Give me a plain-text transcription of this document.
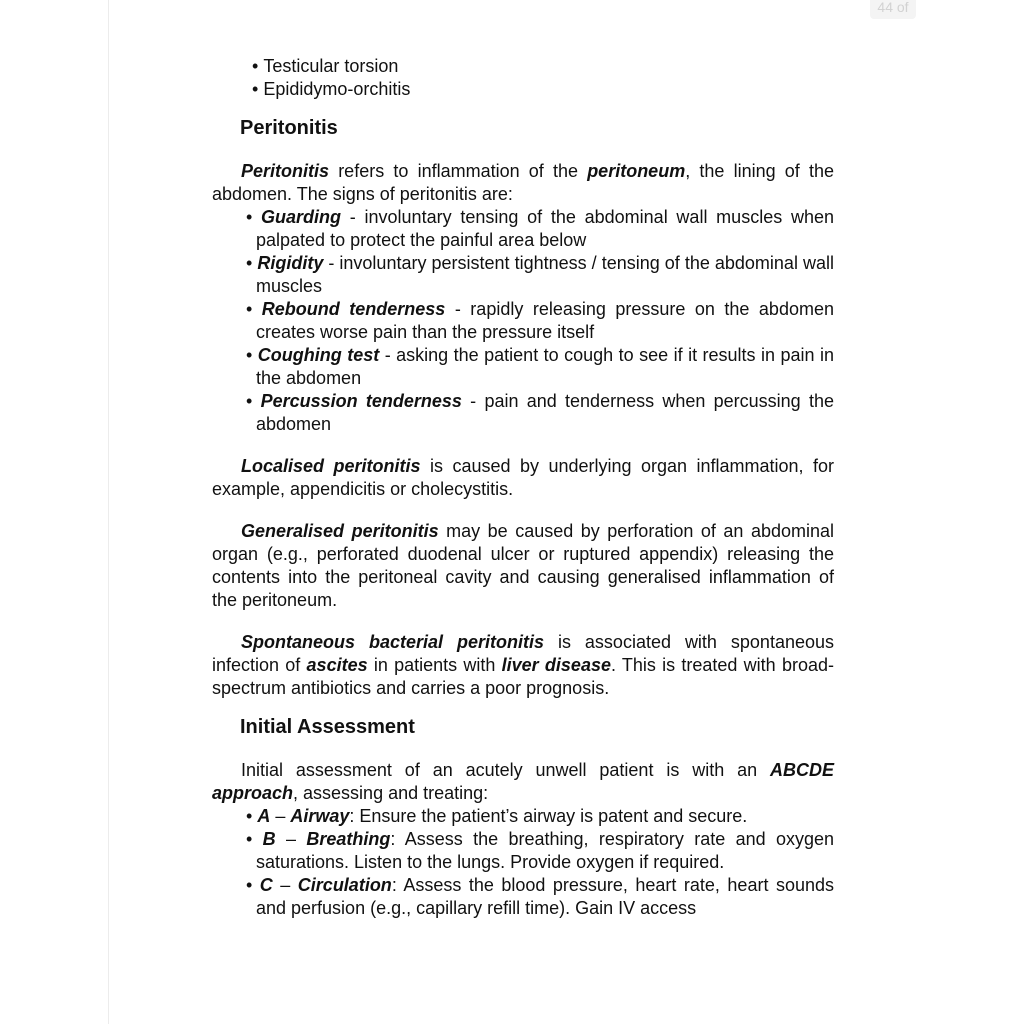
44 of
• Testicular torsion
• Epididymo-orchitis
Peritonitis

Peritonitis refers to inflammation of the peritoneum, the lining of the abdomen. The signs of peritonitis are:

• Guarding - involuntary tensing of the abdominal wall muscles when palpated to protect the painful area below
• Rigidity - involuntary persistent tightness / tensing of the abdominal wall muscles
• Rebound tenderness - rapidly releasing pressure on the abdomen creates worse pain than the pressure itself
• Coughing test - asking the patient to cough to see if it results in pain in the abdomen
• Percussion tenderness - pain and tenderness when percussing the abdomen

Localised peritonitis is caused by underlying organ inflammation, for example, appendicitis or cholecystitis.

Generalised peritonitis may be caused by perforation of an abdominal organ (e.g., perforated duodenal ulcer or ruptured appendix) releasing the contents into the peritoneal cavity and causing generalised inflammation of the peritoneum.

Spontaneous bacterial peritonitis is associated with spontaneous infection of ascites in patients with liver disease. This is treated with broad-spectrum antibiotics and carries a poor prognosis.

Initial Assessment

Initial assessment of an acutely unwell patient is with an ABCDE approach, assessing and treating:

• A – Airway: Ensure the patient’s airway is patent and secure.
• B – Breathing: Assess the breathing, respiratory rate and oxygen saturations. Listen to the lungs. Provide oxygen if required.
• C – Circulation: Assess the blood pressure, heart rate, heart sounds and perfusion (e.g., capillary refill time). Gain IV access
